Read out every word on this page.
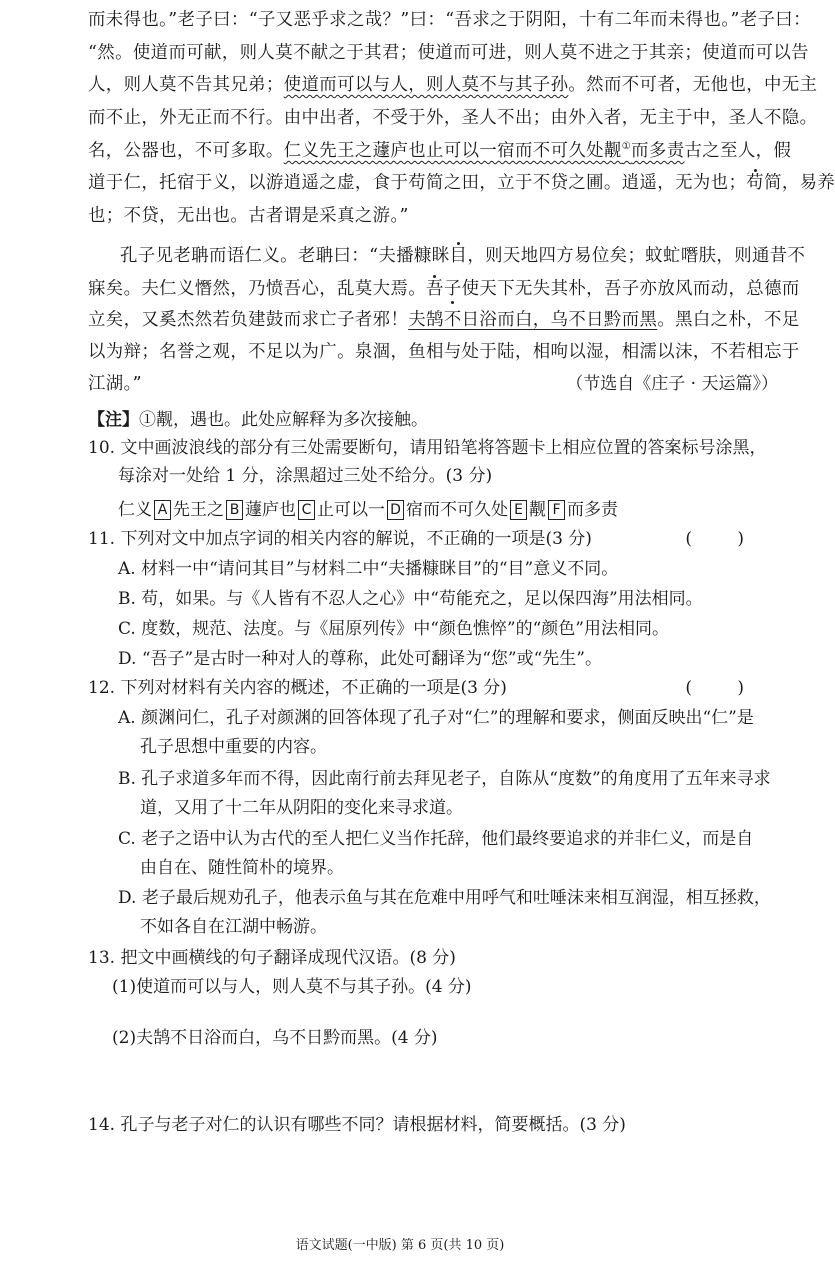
而未得也。”老子曰：“子又恶乎求之哉？”曰：“吾求之于阴阳，十有二年而未得也。”老子曰：
“然。使道而可献，则人莫不献之于其君；使道而可进，则人莫不进之于其亲；使道而可以告
人，则人莫不告其兄弟；使道而可以与人，则人莫不与其子孙。然而不可者，无他也，中无主
而不止，外无正而不行。由中出者，不受于外，圣人不出；由外入者，无主于中，圣人不隐。
名，公器也，不可多取。仁义先王之蘧庐也止可以一宿而不可久处觏①而多责古之至人，假
道于仁，托宿于义，以游逍遥之虚，食于苟简之田，立于不贷之圃。逍遥，无为也；苟简，易养
也；不贷，无出也。古者谓是采真之游。”
孔子见老聃而语仁义。老聃曰：“夫播糠眯目，则天地四方易位矣；蚊虻噆肤，则通昔不
寐矣。夫仁义憯然，乃愤吾心，乱莫大焉。吾子使天下无失其朴，吾子亦放风而动，总德而
立矣，又奚杰然若负建鼓而求亡子者邪！夫鹄不日浴而白，乌不日黔而黑。黑白之朴，不足
以为辩；名誉之观，不足以为广。泉涸，鱼相与处于陆，相呴以湿，相濡以沫，不若相忘于
江湖。”	（节选自《庄子 · 天运篇》）
【注】①觏，遇也。此处应解释为多次接触。
10. 文中画波浪线的部分有三处需要断句，请用铅笔将答题卡上相应位置的答案标号涂黑，
每涂对一处给 1 分，涂黑超过三处不给分。(3 分)
仁义 A 先王之 B 蘧庐也 C 止可以一 D 宿而不可久处 E 觏 F 而多责
11. 下列对文中加点字词的相关内容的解说，不正确的一项是(3 分)	( )
A. 材料一中“请问其目”与材料二中“夫播糠眯目”的“目”意义不同。
B. 苟，如果。与《人皆有不忍人之心》中“苟能充之，足以保四海”用法相同。
C. 度数，规范、法度。与《屈原列传》中“颜色憔悴”的“颜色”用法相同。
D. “吾子”是古时一种对人的尊称，此处可翻译为“您”或“先生”。
12. 下列对材料有关内容的概述，不正确的一项是(3 分)	( )
A. 颜渊问仁，孔子对颜渊的回答体现了孔子对“仁”的理解和要求，侧面反映出“仁”是
孔子思想中重要的内容。
B. 孔子求道多年而不得，因此南行前去拜见老子，自陈从“度数”的角度用了五年来寻求
道，又用了十二年从阴阳的变化来寻求道。
C. 老子之语中认为古代的至人把仁义当作托辞，他们最终要追求的并非仁义，而是自
由自在、随性简朴的境界。
D. 老子最后规劝孔子，他表示鱼与其在危难中用呼气和吐唾沫来相互润湿，相互拯救，
不如各自在江湖中畅游。
13. 把文中画横线的句子翻译成现代汉语。(8 分)
(1)使道而可以与人，则人莫不与其子孙。(4 分)
(2)夫鹄不日浴而白，乌不日黔而黑。(4 分)
14. 孔子与老子对仁的认识有哪些不同？请根据材料，简要概括。(3 分)
语文试题(一中版) 第 6 页(共 10 页)
